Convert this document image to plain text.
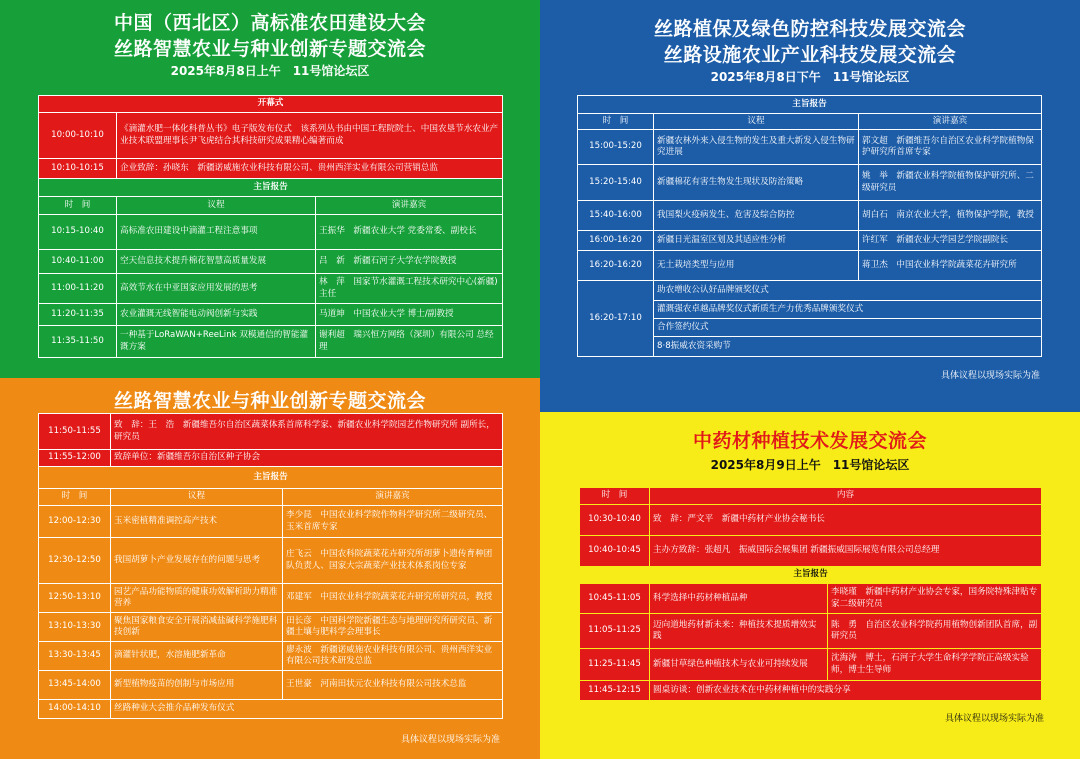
中国（西北区）高标准农田建设大会
丝路智慧农业与种业创新专题交流会
2025年8月8日上午　11号馆论坛区
开幕式		
10:00-10:10	《滴灌水肥一体化科普丛书》电子版发布仪式　该系列丛书由中国工程院院士、中国农垦节水农业产业技术联盟理事长尹飞虎结合其科技研究成果精心编著而成	
10:10-10:15	企业致辞：孙晓东　新疆诺威施农业科技有限公司、贵州西洋实业有限公司营销总监	
主旨报告		
时　间	议程	演讲嘉宾
10:15-10:40	高标准农田建设中滴灌工程注意事项	王振华　新疆农业大学 党委常委、副校长
10:40-11:00	空天信息技术提升棉花智慧高质量发展	吕　新　新疆石河子大学农学院教授
11:00-11:20	高效节水在中亚国家应用发展的思考	林　萍　国家节水灌溉工程技术研究中心(新疆)主任
11:20-11:35	农业灌溉无线智能电动阀创新与实践	马道坤　中国农业大学 博士/副教授
11:35-11:50	一种基于LoRaWAN+ReeLink 双模通信的智能灌溉方案	谢利超　瑞兴恒方网络（深圳）有限公司 总经理
丝路植保及绿色防控科技发展交流会
丝路设施农业产业科技发展交流会
2025年8月8日下午　11号馆论坛区
主旨报告		
时　间	议程	演讲嘉宾
15:00-15:20	新疆农林外来入侵生物的发生及重大新发入侵生物研究进展	郭文超　新疆维吾尔自治区农业科学院植物保护研究所首席专家
15:20-15:40	新疆棉花有害生物发生现状及防治策略	姚　举　新疆农业科学院植物保护研究所、二级研究员
15:40-16:00	我国梨火疫病发生、危害及综合防控	胡白石　南京农业大学，植物保护学院，教授
16:00-16:20	新疆日光温室区划及其适应性分析	许红军　新疆农业大学园艺学院副院长
16:20-16:20	无土栽培类型与应用	蒋卫杰　中国农业科学院蔬菜花卉研究所
16:20-17:10	助农增收公认好品牌颁奖仪式	
	灌溉强农卓越品牌奖仪式新质生产力优秀品牌颁奖仪式	
	合作签约仪式	
	8·8振威农资采购节	
具体议程以现场实际为准
丝路智慧农业与种业创新专题交流会
11:50-11:55	致　辞：王　浩　新疆维吾尔自治区蔬菜体系首席科学家、新疆农业科学院园艺作物研究所 副所长，研究员	
11:55-12:00	致辞单位：新疆维吾尔自治区种子协会	
主旨报告		
时　间	议程	演讲嘉宾
12:00-12:30	玉米密植精准调控高产技术	李少昆　中国农业科学院作物科学研究所二级研究员、玉米首席专家
12:30-12:50	我国胡萝卜产业发展存在的问题与思考	庄飞云　中国农科院蔬菜花卉研究所胡萝卜遗传育种团队负责人、国家大宗蔬菜产业技术体系岗位专家
12:50-13:10	园艺产品功能物质的健康功效解析助力精准营养	邓建军　中国农业科学院蔬菜花卉研究所研究员，教授
13:10-13:30	聚焦国家粮食安全开展消减盐碱科学施肥科技创新	田长彦　中国科学院新疆生态与地理研究所研究员、新疆土壤与肥料学会理事长
13:30-13:45	滴灌针状肥，水溶施肥新革命	廖永波　新疆诺威施农业科技有限公司、贵州西洋实业有限公司技术研发总监
13:45-14:00	新型植物疫苗的创制与市场应用	王世豪　河南田状元农业科技有限公司技术总监
14:00-14:10	丝路种业大会推介品种发布仪式	
具体议程以现场实际为准
中药材种植技术发展交流会
2025年8月9日上午　11号馆论坛区
时　间	内容	
10:30-10:40	致　辞：严文平　新疆中药材产业协会秘书长	
10:40-10:45	主办方致辞：张超凡　振威国际会展集团 新疆振威国际展览有限公司总经理	
主旨报告		
10:45-11:05	科学选择中药材种植品种	李晓瑾　新疆中药材产业协会专家，国务院特殊津贴专家二级研究员
11:05-11:25	迈向道地药材新未来：种植技术提质增效实践	陈　勇　自治区农业科学院药用植物创新团队首席，副研究员
11:25-11:45	新疆甘草绿色种植技术与农业可持续发展	沈海涛　博士，石河子大学生命科学学院正高级实验师，博士生导师
11:45-12:15	圆桌访谈：创新农业技术在中药材种植中的实践分享	
具体议程以现场实际为准
